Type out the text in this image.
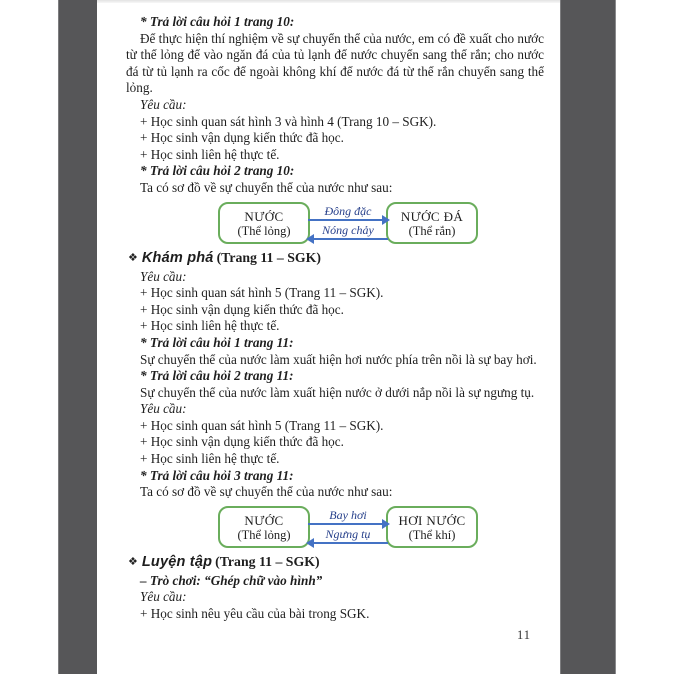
* Trả lời câu hỏi 1 trang 10:
Để thực hiện thí nghiệm về sự chuyển thể của nước, em có đề xuất cho nước từ thể lỏng để vào ngăn đá của tủ lạnh để nước chuyển sang thể rắn; cho nước đá từ tủ lạnh ra cốc để ngoài không khí để nước đá từ thể rắn chuyển sang thể lỏng.
Yêu cầu:
+ Học sinh quan sát hình 3 và hình 4 (Trang 10 – SGK).
+ Học sinh vận dụng kiến thức đã học.
+ Học sinh liên hệ thực tế.
* Trả lời câu hỏi 2 trang 10:
Ta có sơ đồ về sự chuyển thể của nước như sau:
NƯỚC
(Thể lỏng)
Đông đặc
Nóng chảy
NƯỚC ĐÁ
(Thể rắn)
❖ Khám phá (Trang 11 – SGK)
Yêu cầu:
+ Học sinh quan sát hình 5 (Trang 11 – SGK).
+ Học sinh vận dụng kiến thức đã học.
+ Học sinh liên hệ thực tế.
* Trả lời câu hỏi 1 trang 11:
Sự chuyển thể của nước làm xuất hiện hơi nước phía trên nồi là sự bay hơi.
* Trả lời câu hỏi 2 trang 11:
Sự chuyển thể của nước làm xuất hiện nước ở dưới nắp nồi là sự ngưng tụ.
Yêu cầu:
+ Học sinh quan sát hình 5 (Trang 11 – SGK).
+ Học sinh vận dụng kiến thức đã học.
+ Học sinh liên hệ thực tế.
* Trả lời câu hỏi 3 trang 11:
Ta có sơ đồ về sự chuyển thể của nước như sau:
NƯỚC
(Thể lỏng)
Bay hơi
Ngưng tụ
HƠI NƯỚC
(Thể khí)
❖ Luyện tập (Trang 11 – SGK)
– Trò chơi: “Ghép chữ vào hình”
Yêu cầu:
+ Học sinh nêu yêu cầu của bài trong SGK.
11
